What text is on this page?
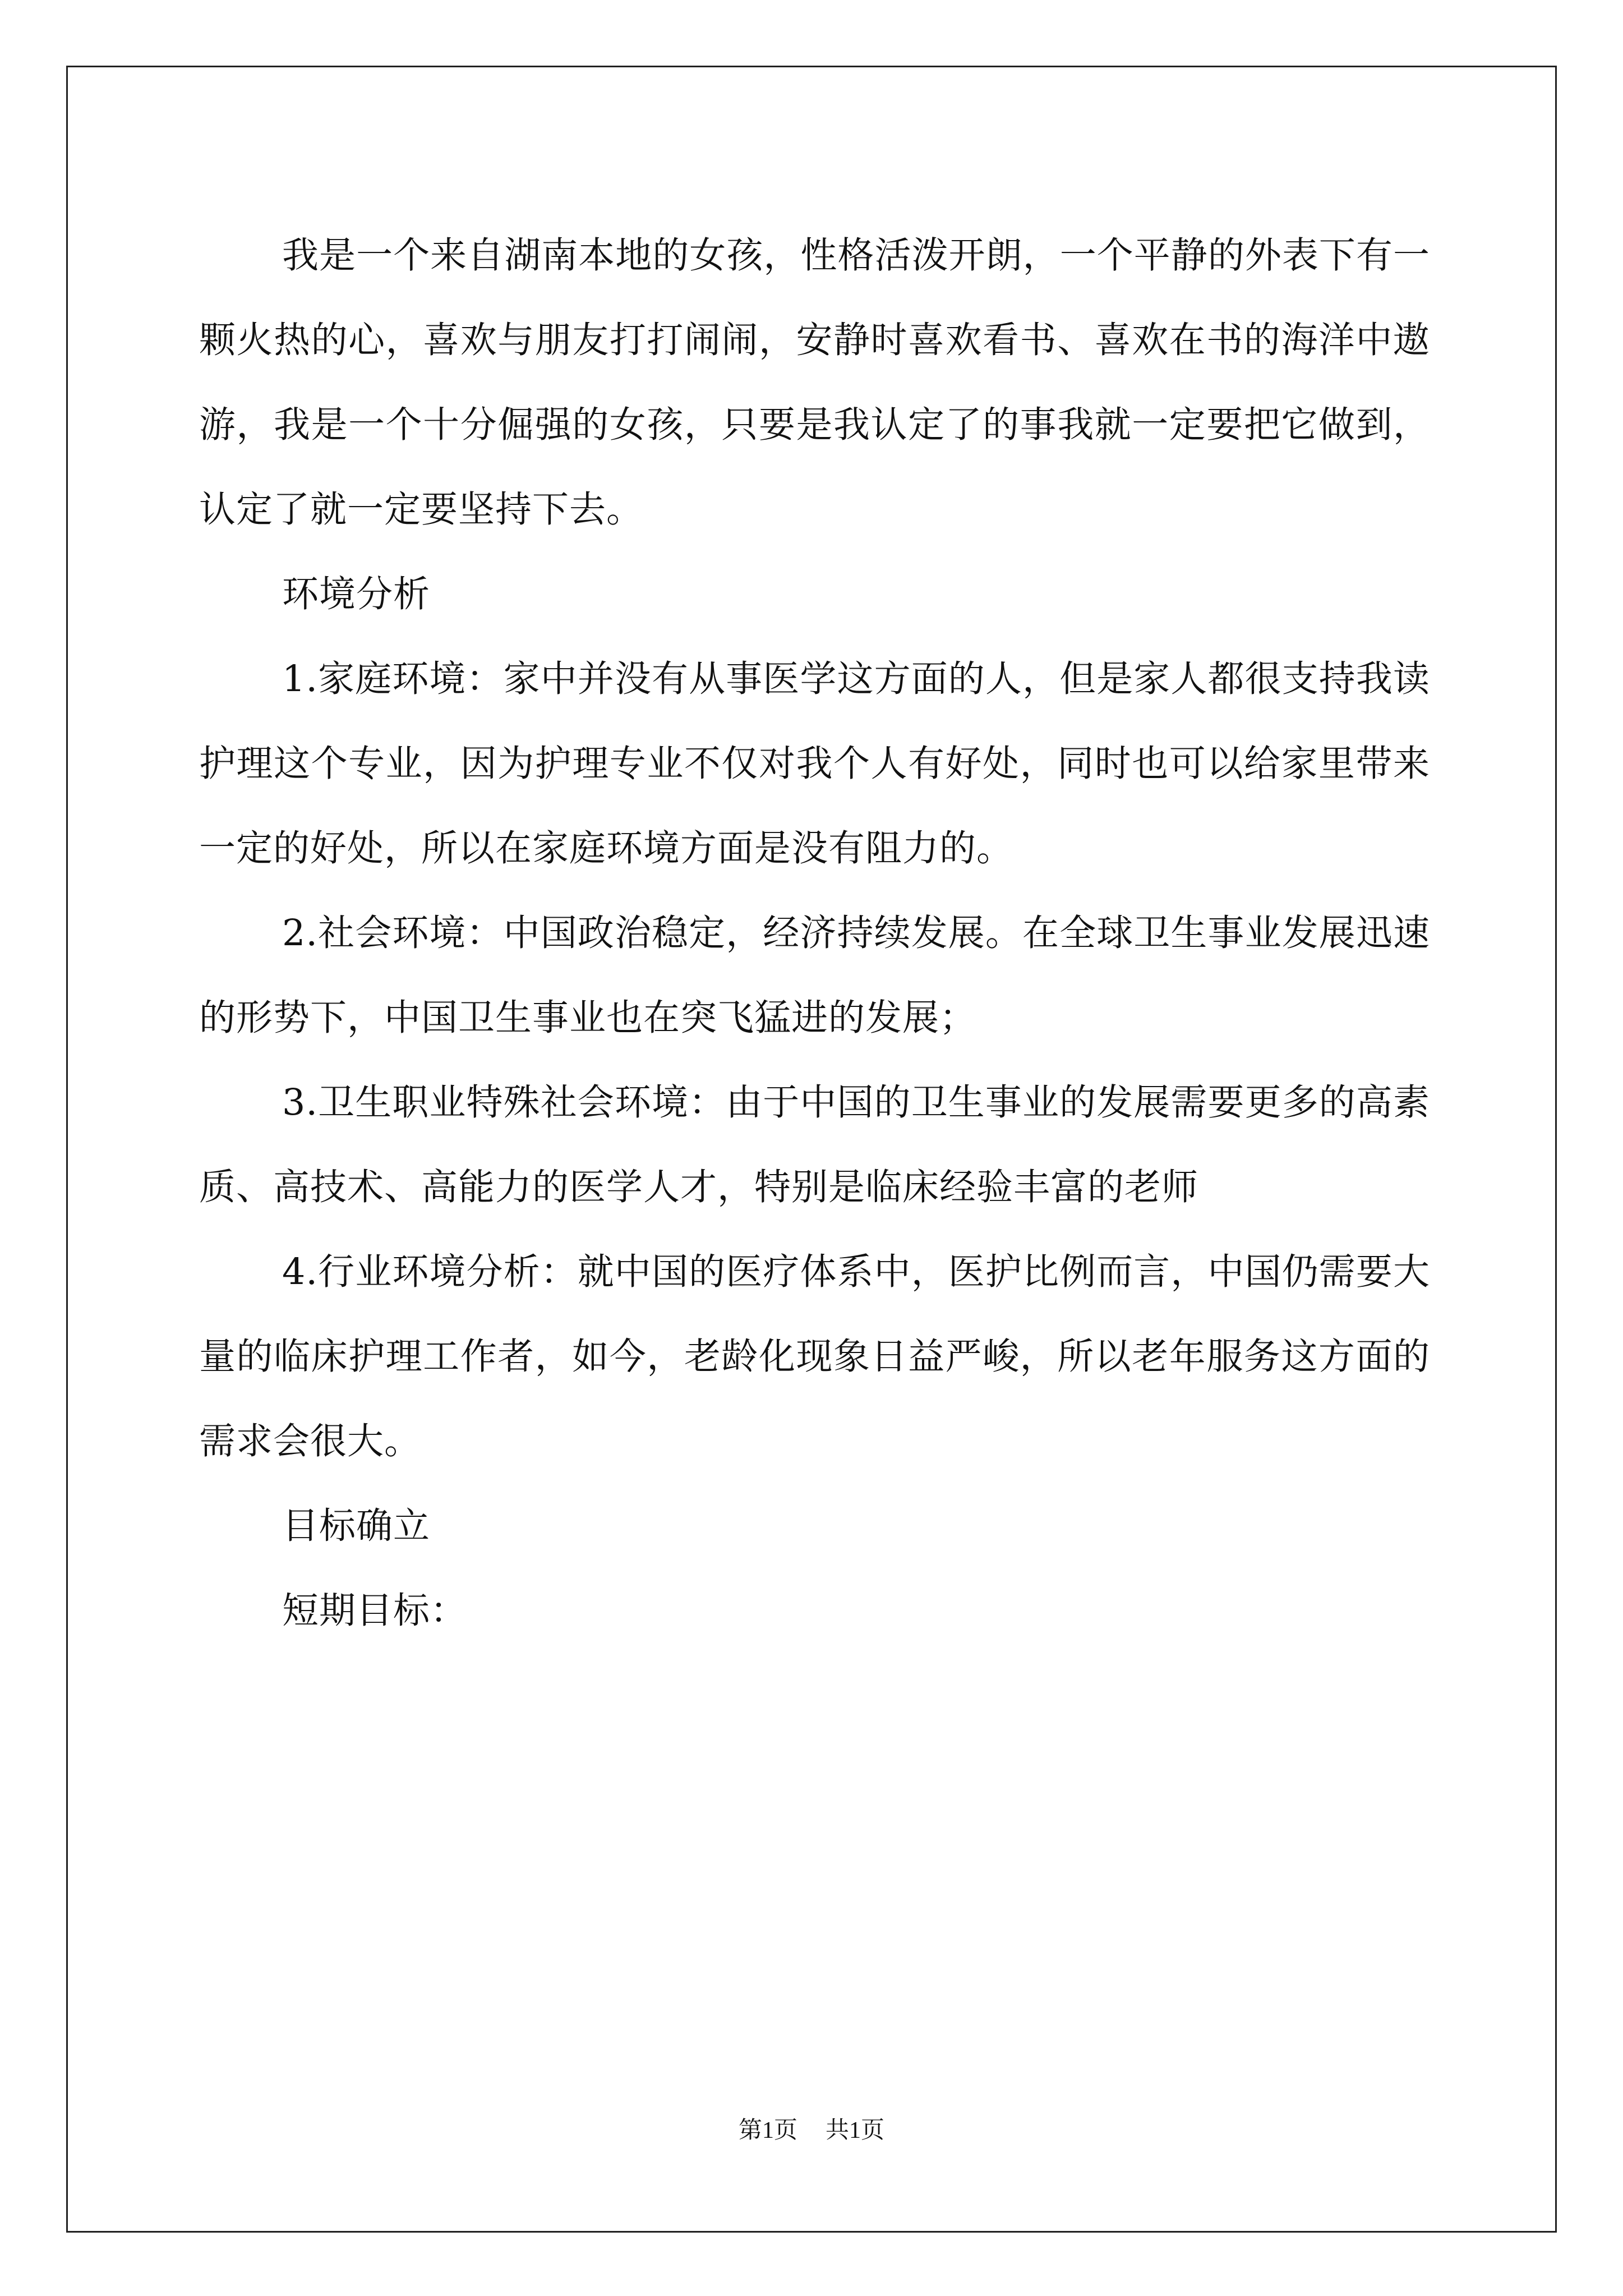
我是一个来自湖南本地的女孩，性格活泼开朗，一个平静的外表下有一颗火热的心，喜欢与朋友打打闹闹，安静时喜欢看书、喜欢在书的海洋中遨游，我是一个十分倔强的女孩，只要是我认定了的事我就一定要把它做到，认定了就一定要坚持下去。

环境分析

1.家庭环境：家中并没有从事医学这方面的人，但是家人都很支持我读护理这个专业，因为护理专业不仅对我个人有好处，同时也可以给家里带来一定的好处，所以在家庭环境方面是没有阻力的。

2.社会环境：中国政治稳定，经济持续发展。在全球卫生事业发展迅速的形势下，中国卫生事业也在突飞猛进的发展；

3.卫生职业特殊社会环境：由于中国的卫生事业的发展需要更多的高素质、高技术、高能力的医学人才，特别是临床经验丰富的老师

4.行业环境分析：就中国的医疗体系中，医护比例而言，中国仍需要大量的临床护理工作者，如今，老龄化现象日益严峻，所以老年服务这方面的需求会很大。

目标确立

短期目标：

第1页 共1页
